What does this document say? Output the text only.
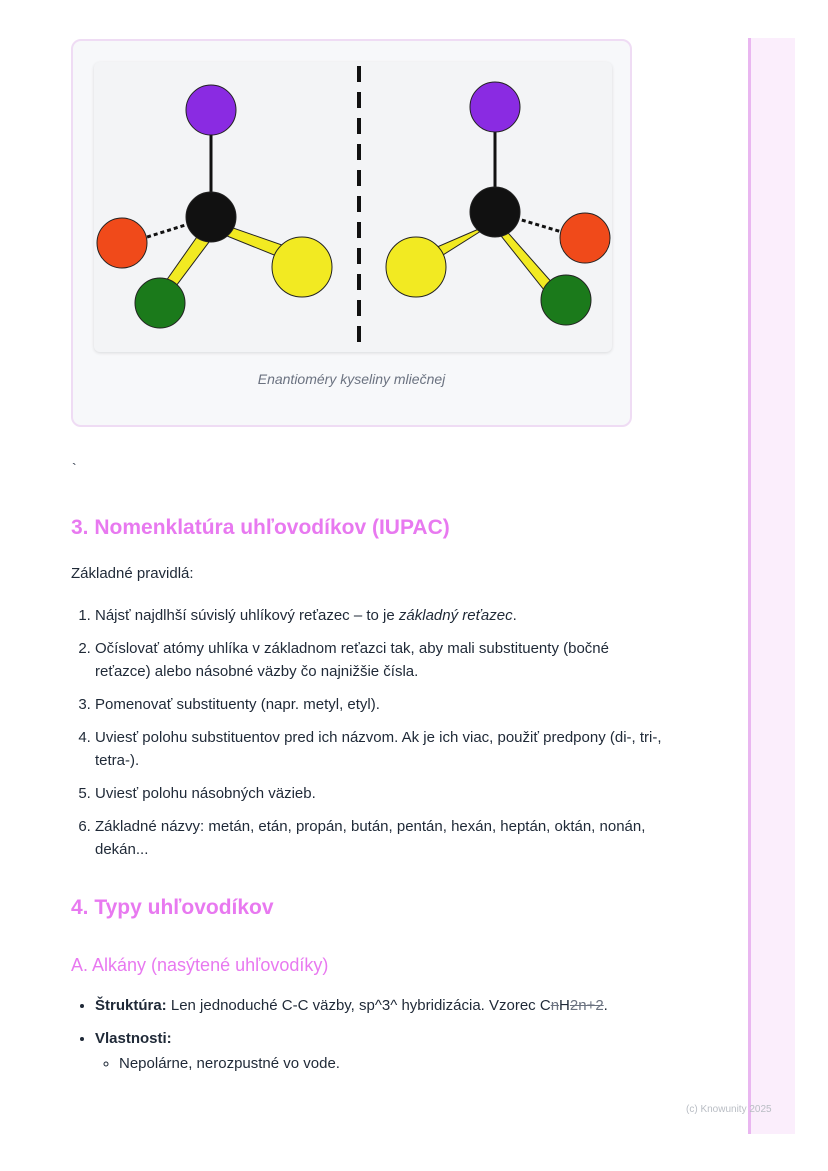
Enantioméry kyseliny mliečnej
`
3. Nomenklatúra uhľovodíkov (IUPAC)

Základné pravidlá:

1. Nájsť najdlhší súvislý uhlíkový reťazec – to je základný reťazec.
2. Očíslovať atómy uhlíka v základnom reťazci tak, aby mali substituenty (bočné reťazce) alebo násobné väzby čo najnižšie čísla.
3. Pomenovať substituenty (napr. metyl, etyl).
4. Uviesť polohu substituentov pred ich názvom. Ak je ich viac, použiť predpony (di-, tri-, tetra-).
5. Uviesť polohu násobných väzieb.
6. Základné názvy: metán, etán, propán, bután, pentán, hexán, heptán, oktán, nonán, dekán...
4. Typy uhľovodíkov
A. Alkány (nasýtené uhľovodíky)
• Štruktúra: Len jednoduché C-C väzby, sp^3^ hybridizácia. Vzorec CnH2n+2.
• Vlastnosti:
◦ Nepolárne, nerozpustné vo vode.
(c) Knowunity 2025
